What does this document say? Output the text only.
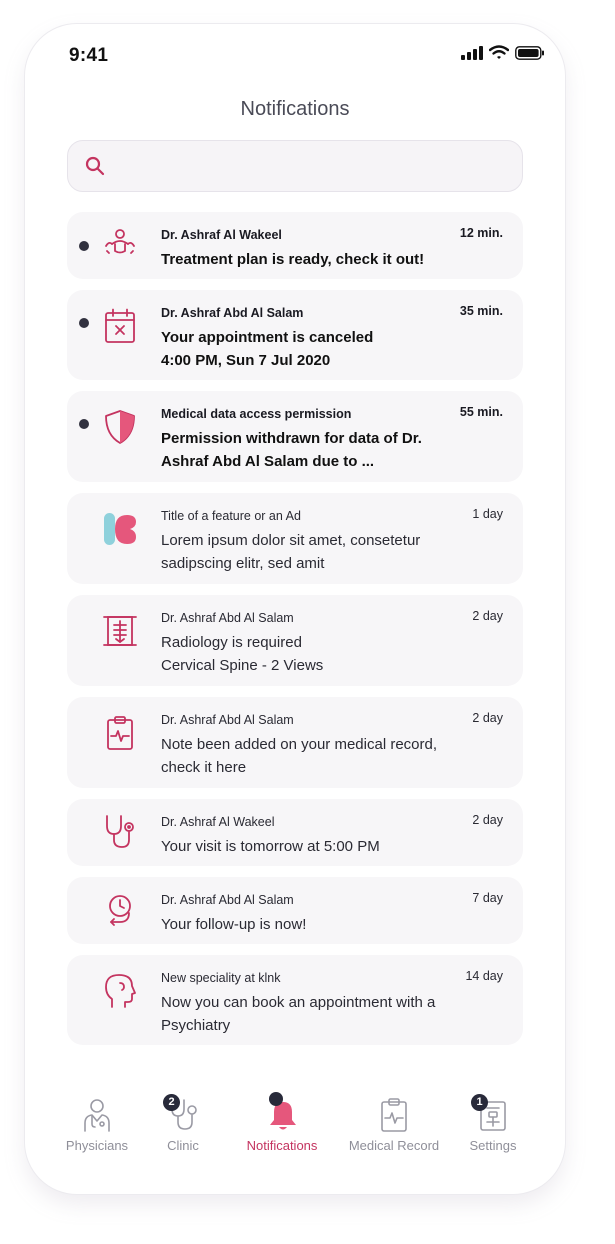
9:41
Notifications
Dr. Ashraf Al Wakeel
Treatment plan is ready, check it out!
12 min.
Dr. Ashraf Abd Al Salam
Your appointment is canceled
4:00 PM, Sun 7 Jul 2020
35 min.
Medical data access permission
Permission withdrawn for data of Dr.
Ashraf Abd Al Salam due to ...
55 min.
Title of a feature or an Ad
Lorem ipsum dolor sit amet, consetetur
sadipscing elitr, sed amit
1 day
Dr. Ashraf Abd Al Salam
Radiology is required
Cervical Spine - 2 Views
2 day
Dr. Ashraf Abd Al Salam
Note been added on your medical record,
check it here
2 day
Dr. Ashraf Al Wakeel
Your visit is tomorrow at 5:00 PM
2 day
Dr. Ashraf Abd Al Salam
Your follow-up is now!
7 day
New speciality at klnk
Now you can book an appointment with a
Psychiatry
14 day
Physicians
2
Clinic	Notifications	Medical Record
1
Settings
